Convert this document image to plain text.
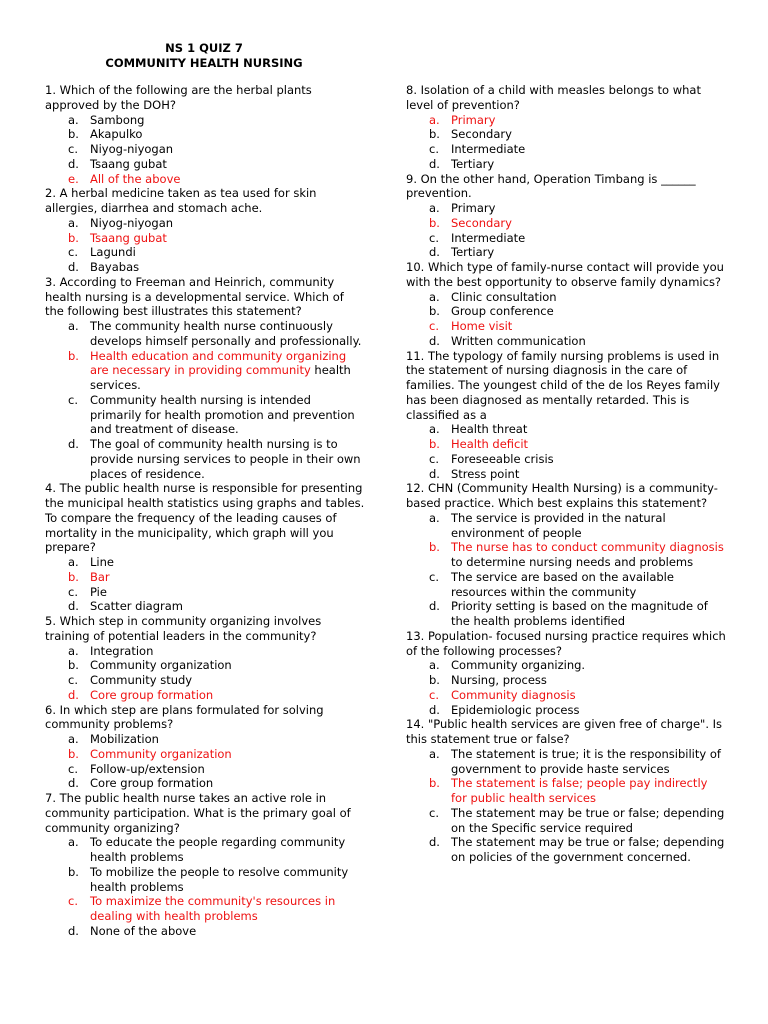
NS 1 QUIZ 7
COMMUNITY HEALTH NURSING
1. Which of the following are the herbal plants approved by the DOH?
a. Sambong
b. Akapulko
c. Niyog-niyogan
d. Tsaang gubat
e. All of the above
2. A herbal medicine taken as tea used for skin allergies, diarrhea and stomach ache.
a. Niyog-niyogan
b. Tsaang gubat
c. Lagundi
d. Bayabas
3. According to Freeman and Heinrich, community health nursing is a developmental service. Which of the following best illustrates this statement?
a. The community health nurse continuously develops himself personally and professionally.
b. Health education and community organizing are necessary in providing community health services.
c. Community health nursing is intended primarily for health promotion and prevention and treatment of disease.
d. The goal of community health nursing is to provide nursing services to people in their own places of residence.
4. The public health nurse is responsible for presenting the municipal health statistics using graphs and tables. To compare the frequency of the leading causes of mortality in the municipality, which graph will you prepare?
a. Line
b. Bar
c. Pie
d. Scatter diagram
5. Which step in community organizing involves training of potential leaders in the community?
a. Integration
b. Community organization
c. Community study
d. Core group formation
6. In which step are plans formulated for solving community problems?
a. Mobilization
b. Community organization
c. Follow-up/extension
d. Core group formation
7. The public health nurse takes an active role in community participation. What is the primary goal of community organizing?
a. To educate the people regarding community health problems
b. To mobilize the people to resolve community health problems
c. To maximize the community's resources in dealing with health problems
d. None of the above
8. Isolation of a child with measles belongs to what level of prevention?
a. Primary
b. Secondary
c. Intermediate
d. Tertiary
9. On the other hand, Operation Timbang is ______ prevention.
a. Primary
b. Secondary
c. Intermediate
d. Tertiary
10. Which type of family-nurse contact will provide you with the best opportunity to observe family dynamics?
a. Clinic consultation
b. Group conference
c. Home visit
d. Written communication
11. The typology of family nursing problems is used in the statement of nursing diagnosis in the care of families. The youngest child of the de los Reyes family has been diagnosed as mentally retarded. This is classified as a
a. Health threat
b. Health deficit
c. Foreseeable crisis
d. Stress point
12. CHN (Community Health Nursing) is a community-based practice. Which best explains this statement?
a. The service is provided in the natural environment of people
b. The nurse has to conduct community diagnosis to determine nursing needs and problems
c. The service are based on the available resources within the community
d. Priority setting is based on the magnitude of the health problems identified
13. Population- focused nursing practice requires which of the following processes?
a. Community organizing.
b. Nursing, process
c. Community diagnosis
d. Epidemiologic process
14. "Public health services are given free of charge". Is this statement true or false?
a. The statement is true; it is the responsibility of government to provide haste services
b. The statement is false; people pay indirectly for public health services
c. The statement may be true or false; depending on the Specific service required
d. The statement may be true or false; depending on policies of the government concerned.
